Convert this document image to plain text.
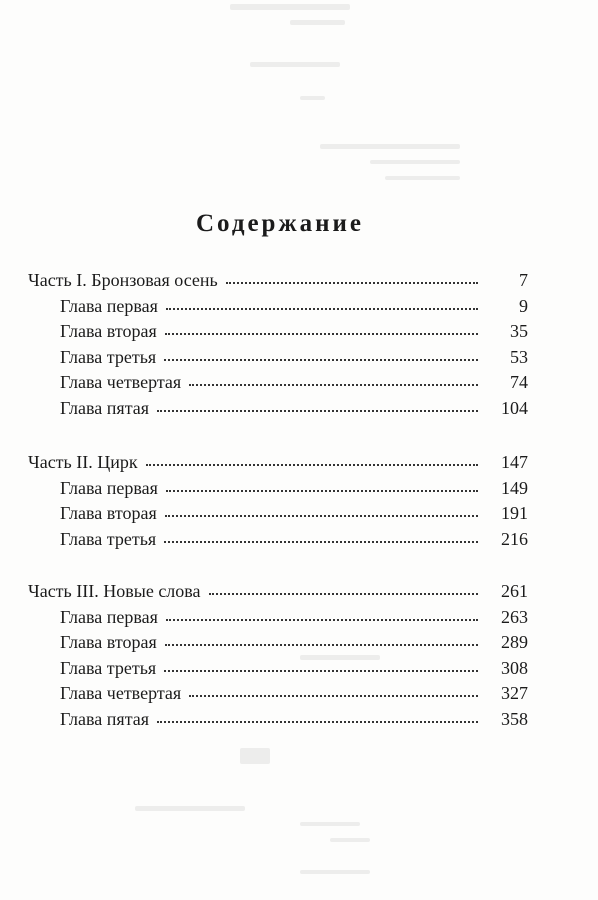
Содержание
Часть I. Бронзовая осень	7
Глава первая	9
Глава вторая	35
Глава третья	53
Глава четвертая	74
Глава пятая	104
Часть II. Цирк	147
Глава первая	149
Глава вторая	191
Глава третья	216
Часть III. Новые слова	261
Глава первая	263
Глава вторая	289
Глава третья	308
Глава четвертая	327
Глава пятая	358
